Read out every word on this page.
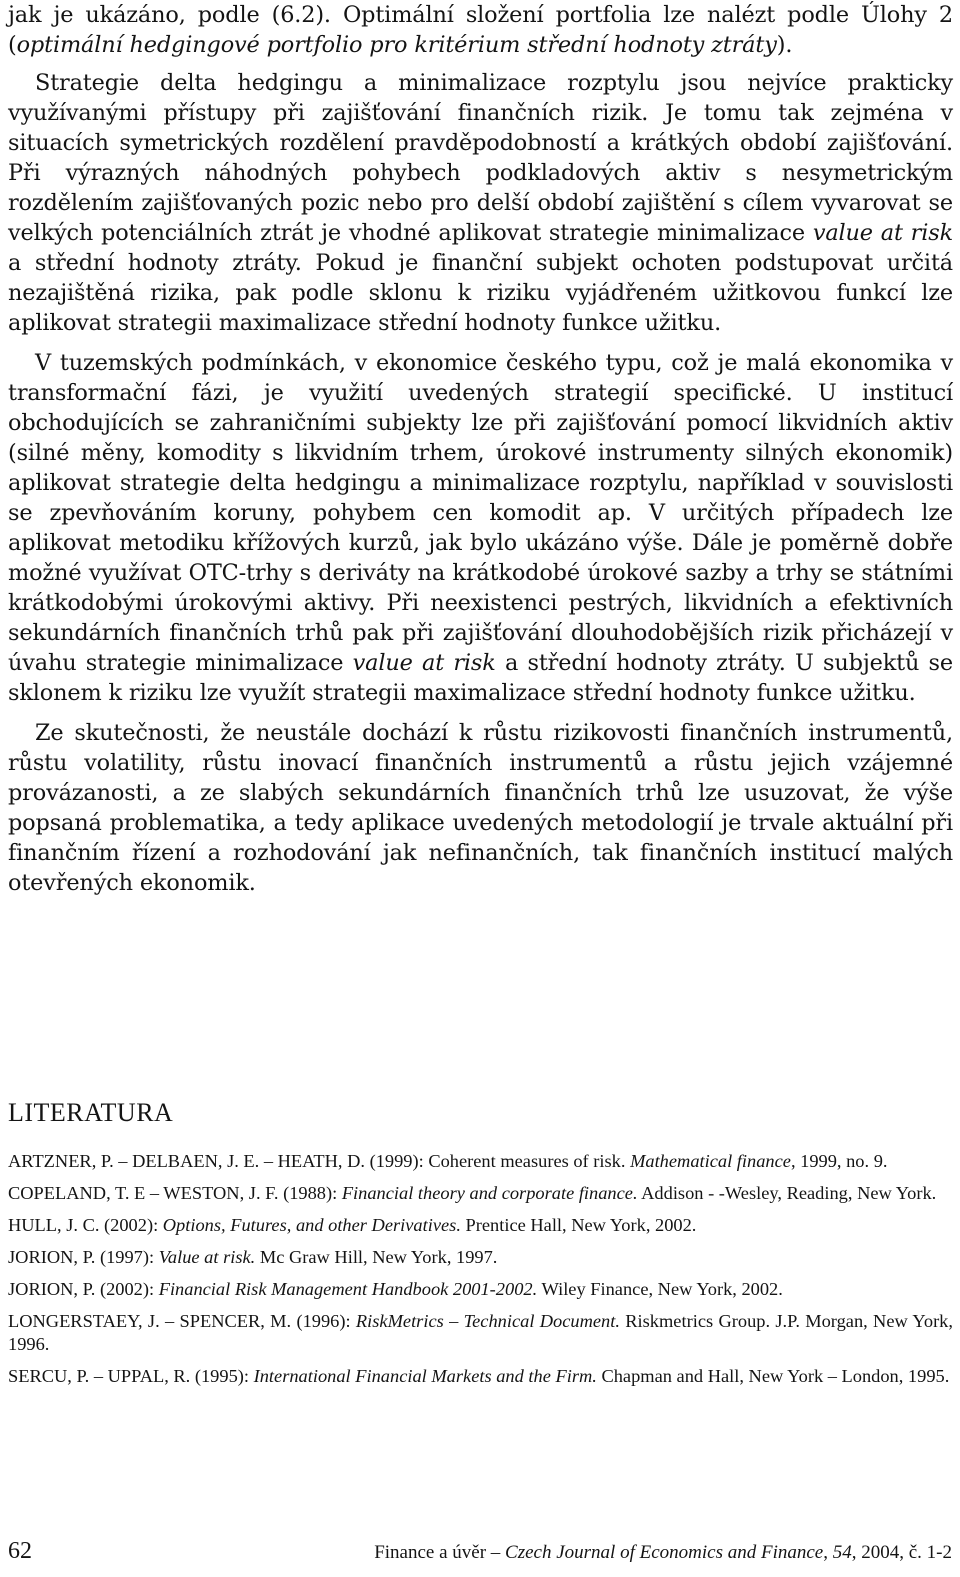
jak je ukázáno, podle (6.2). Optimální složení portfolia lze nalézt podle Úlohy 2 (optimální hedgingové portfolio pro kritérium střední hodnoty ztráty).

Strategie delta hedgingu a minimalizace rozptylu jsou nejvíce prakticky využívanými přístupy při zajišťování finančních rizik. Je tomu tak zejména v situacích symetrických rozdělení pravděpodobností a krátkých období zajišťování. Při výrazných náhodných pohybech podkladových aktiv s nesymetrickým rozdělením zajišťovaných pozic nebo pro delší období zajištění s cílem vyvarovat se velkých potenciálních ztrát je vhodné aplikovat strategie minimalizace value at risk a střední hodnoty ztráty. Pokud je finanční subjekt ochoten podstupovat určitá nezajištěná rizika, pak podle sklonu k riziku vyjádřeném užitkovou funkcí lze aplikovat strategii maximalizace střední hodnoty funkce užitku.

V tuzemských podmínkách, v ekonomice českého typu, což je malá ekonomika v transformační fázi, je využití uvedených strategií specifické. U institucí obchodujících se zahraničními subjekty lze při zajišťování pomocí likvidních aktiv (silné měny, komodity s likvidním trhem, úrokové instrumenty silných ekonomik) aplikovat strategie delta hedgingu a minimalizace rozptylu, například v souvislosti se zpevňováním koruny, pohybem cen komodit ap. V určitých případech lze aplikovat metodiku křížových kurzů, jak bylo ukázáno výše. Dále je poměrně dobře možné využívat OTC-trhy s deriváty na krátkodobé úrokové sazby a trhy se státními krátkodobými úrokovými aktivy. Při neexistenci pestrých, likvidních a efektivních sekundárních finančních trhů pak při zajišťování dlouhodobějších rizik přicházejí v úvahu strategie minimalizace value at risk a střední hodnoty ztráty. U subjektů se sklonem k riziku lze využít strategii maximalizace střední hodnoty funkce užitku.

Ze skutečnosti, že neustále dochází k růstu rizikovosti finančních instrumentů, růstu volatility, růstu inovací finančních instrumentů a růstu jejich vzájemné provázanosti, a ze slabých sekundárních finančních trhů lze usuzovat, že výše popsaná problematika, a tedy aplikace uvedených metodologií je trvale aktuální při finančním řízení a rozhodování jak nefinančních, tak finančních institucí malých otevřených ekonomik.

LITERATURA

ARTZNER, P. – DELBAEN, J. E. – HEATH, D. (1999): Coherent measures of risk. Mathematical finance, 1999, no. 9.

COPELAND, T. E – WESTON, J. F. (1988): Financial theory and corporate finance. Addison - -Wesley, Reading, New York.

HULL, J. C. (2002): Options, Futures, and other Derivatives. Prentice Hall, New York, 2002.

JORION, P. (1997): Value at risk. Mc Graw Hill, New York, 1997.

JORION, P. (2002): Financial Risk Management Handbook 2001-2002. Wiley Finance, New York, 2002.

LONGERSTAEY, J. – SPENCER, M. (1996): RiskMetrics – Technical Document. Riskmetrics Group. J.P. Morgan, New York, 1996.

SERCU, P. – UPPAL, R. (1995): International Financial Markets and the Firm. Chapman and Hall, New York – London, 1995.

62	Finance a úvěr – Czech Journal of Economics and Finance, 54, 2004, č. 1-2
